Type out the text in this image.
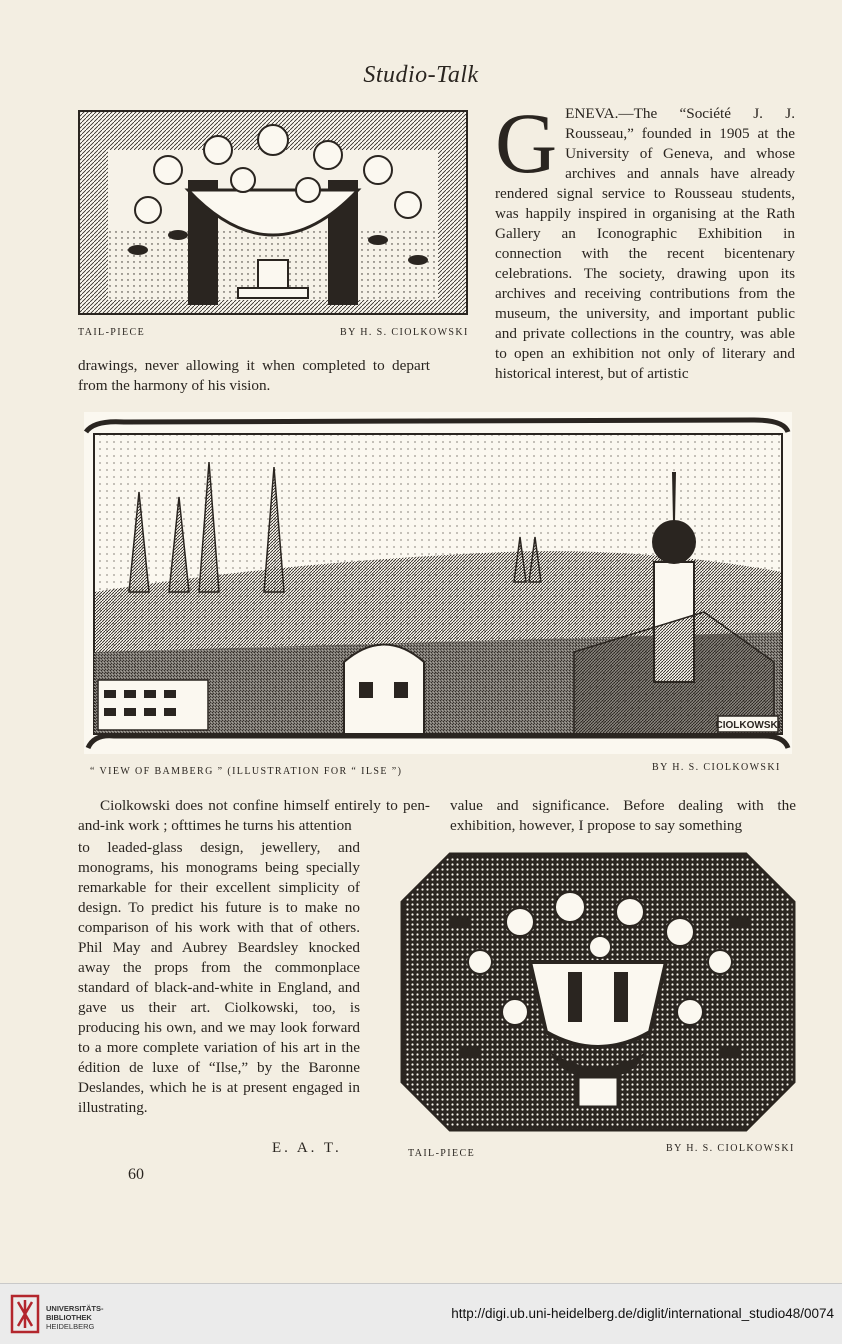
Studio-Talk
TAIL-PIECE	BY H. S. CIOLKOWSKI

GENEVA.—The “Société J. J. Rousseau,” founded in 1905 at the University of Geneva, and whose archives and annals have already rendered signal service to Rousseau students, was happily inspired in organising at the Rath Gallery an Iconographic Exhibition in connection with the recent bicentenary celebrations. The society, drawing upon its archives and receiving contributions from the museum, the university, and important public and private collections in the country, was able to open an exhibition not only of literary and historical interest, but of artistic

drawings, never allowing it when completed to depart from the harmony of his vision.
CIOLKOWSKI
“ VIEW OF BAMBERG ” (ILLUSTRATION FOR “ ILSE ”)	BY H. S. CIOLKOWSKI
Ciolkowski does not confine himself entirely to pen-and-ink work ; ofttimes he turns his attention
value and significance. Before dealing with the exhibition, however, I propose to say something
to leaded-glass design, jewellery, and monograms, his monograms being specially remarkable for their excellent simplicity of design. To predict his future is to make no comparison of his work with that of others. Phil May and Aubrey Beardsley knocked away the props from the commonplace standard of black-and-white in England, and gave us their art. Ciolkowski, too, is producing his own, and we may look forward to a more complete variation of his art in the édition de luxe of “Ilse,” by the Baronne Deslandes, which he is at present engaged in illustrating.
E. A. T.
60
TAIL-PIECE	BY H. S. CIOLKOWSKI
UNIVERSITÄTS-
BIBLIOTHEK
HEIDELBERG
http://digi.ub.uni-heidelberg.de/diglit/international_studio48/0074
